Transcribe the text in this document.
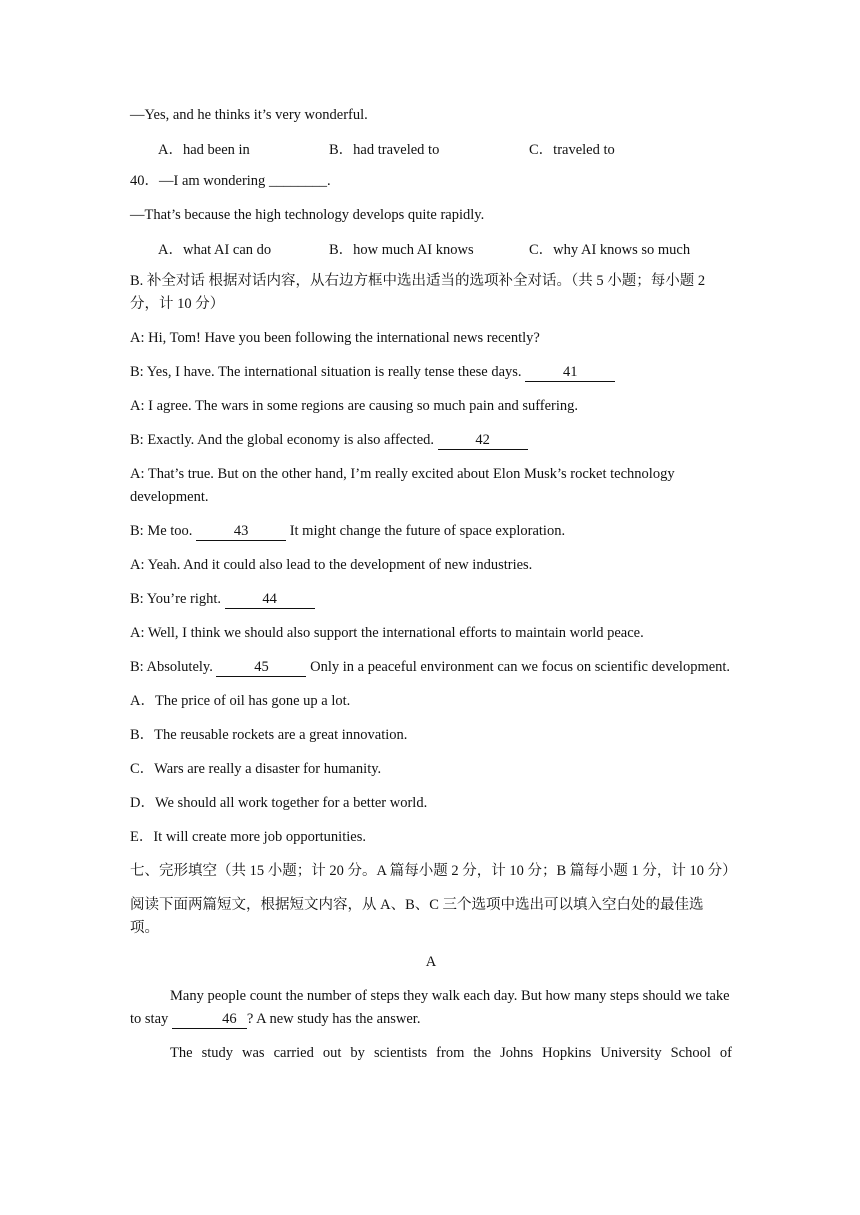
—Yes, and he thinks it’s very wonderful.

A．had been in	B．had traveled to	C．traveled to

40．—I am wondering ________.

—That’s because the high technology develops quite rapidly.

A．what AI can do	B．how much AI knows	C．why AI knows so much

B. 补全对话 根据对话内容，从右边方框中选出适当的选项补全对话。（共 5 小题；每小题 2 分，计 10 分）

A: Hi, Tom! Have you been following the international news recently?

B: Yes, I have. The international situation is really tense these days.	41

A: I agree. The wars in some regions are causing so much pain and suffering.

B: Exactly. And the global economy is also affected.	42

A: That’s true. But on the other hand, I’m really excited about Elon Musk’s rocket technology development.

B: Me too.	43	It might change the future of space exploration.

A: Yeah. And it could also lead to the development of new industries.

B: You’re right.	44

A: Well, I think we should also support the international efforts to maintain world peace.

B: Absolutely.	45	Only in a peaceful environment can we focus on scientific development.

A．The price of oil has gone up a lot.

B．The reusable rockets are a great innovation.

C．Wars are really a disaster for humanity.

D．We should all work together for a better world.

E．It will create more job opportunities.

七、完形填空（共 15 小题；计 20 分。A 篇每小题 2 分，计 10 分；B 篇每小题 1 分，计 10 分）

阅读下面两篇短文，根据短文内容，从 A、B、C 三个选项中选出可以填入空白处的最佳选项。

A

Many people count the number of steps they walk each day. But how many steps should we take to stay	46 ? A new study has the answer.

The study was carried out by scientists from the Johns Hopkins University School of
